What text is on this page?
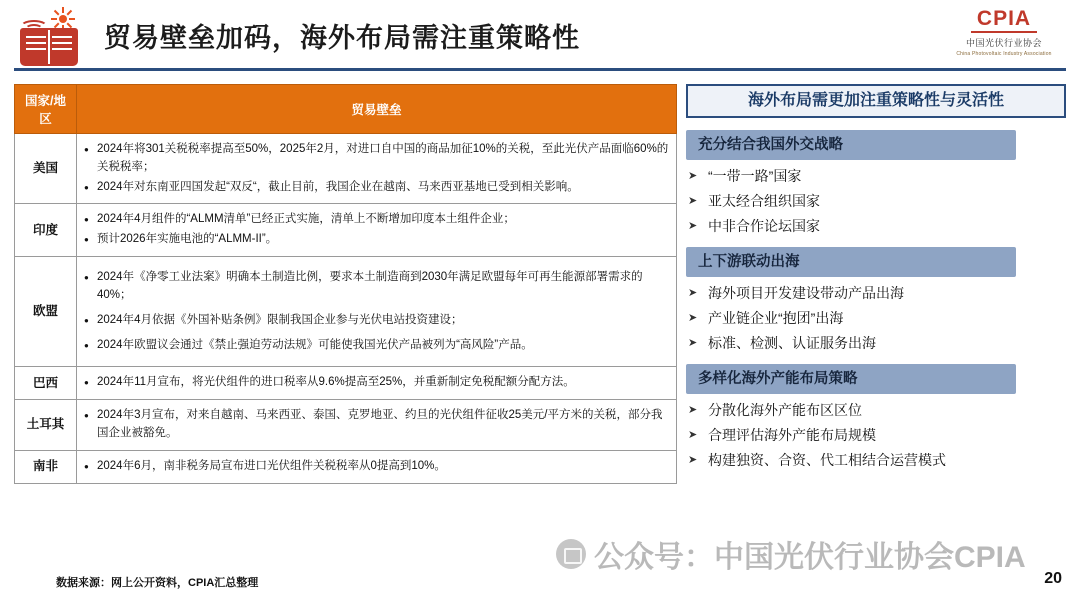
贸易壁垒加码，海外布局需注重策略性
CPIA
中国光伏行业协会
China Photovoltaic Industry Association
国家/地区	贸易壁垒
美国	
● 2024年将301关税税率提高至50%，2025年2月，对进口自中国的商品加征10%的关税，至此光伏产品面临60%的关税税率；
● 2024年对东南亚四国发起“双反“，截止目前，我国企业在越南、马来西亚基地已受到相关影响。

印度	
● 2024年4月组件的“ALMM清单”已经正式实施，清单上不断增加印度本土组件企业；
● 预计2026年实施电池的“ALMM-II”。

欧盟	
● 2024年《净零工业法案》明确本土制造比例，要求本土制造商到2030年满足欧盟每年可再生能源部署需求的40%；
● 2024年4月依据《外国补贴条例》限制我国企业参与光伏电站投资建设；
● 2024年欧盟议会通过《禁止强迫劳动法规》可能使我国光伏产品被列为“高风险”产品。

巴西	
●2024年11月宣布，将光伏组件的进口税率从9.6%提高至25%，并重新制定免税配额分配方法。

土耳其	
● 2024年3月宣布，对来自越南、马来西亚、泰国、克罗地亚、约旦的光伏组件征收25美元/平方米的关税，部分我国企业被豁免。

南非	
●2024年6月，南非税务局宣布进口光伏组件关税税率从0提高到10%。
海外布局需更加注重策略性与灵活性
充分结合我国外交战略
➤ “一带一路”国家
➤ 亚太经合组织国家
➤ 中非合作论坛国家
上下游联动出海
➤ 海外项目开发建设带动产品出海
➤ 产业链企业“抱团”出海
➤ 标准、检测、认证服务出海
多样化海外产能布局策略
➤ 分散化海外产能布区区位
➤ 合理评估海外产能布局规模
➤ 构建独资、合资、代工相结合运营模式
数据来源：网上公开资料，CPIA汇总整理	20
公众号：中国光伏行业协会CPIA
